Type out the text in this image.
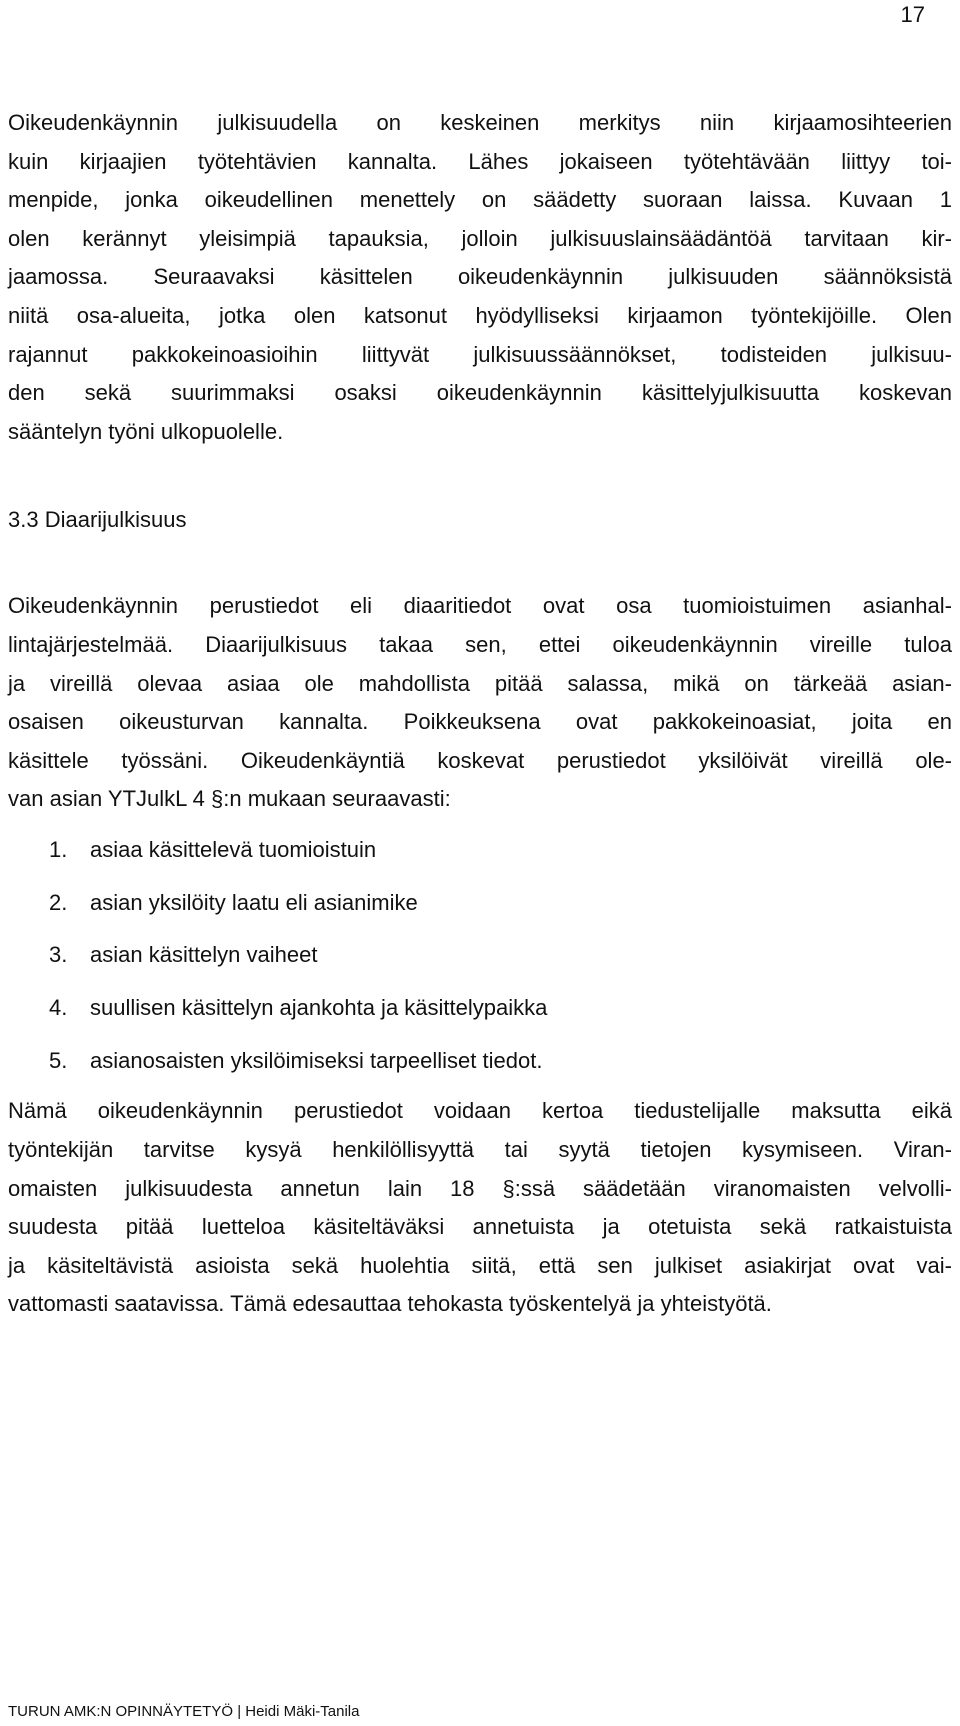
17

Oikeudenkäynnin julkisuudella on keskeinen merkitys niin kirjaamosihteerien
kuin kirjaajien työtehtävien kannalta. Lähes jokaiseen työtehtävään liittyy toi-
menpide, jonka oikeudellinen menettely on säädetty suoraan laissa. Kuvaan 1
olen kerännyt yleisimpiä tapauksia, jolloin julkisuuslainsäädäntöä tarvitaan kir-
jaamossa. Seuraavaksi käsittelen oikeudenkäynnin julkisuuden säännöksistä
niitä osa-alueita, jotka olen katsonut hyödylliseksi kirjaamon työntekijöille. Olen
rajannut pakkokeinoasioihin liittyvät julkisuussäännökset, todisteiden julkisuu-
den sekä suurimmaksi osaksi oikeudenkäynnin käsittelyjulkisuutta koskevan
sääntelyn työni ulkopuolelle.

3.3 Diaarijulkisuus

Oikeudenkäynnin perustiedot eli diaaritiedot ovat osa tuomioistuimen asianhal-
lintajärjestelmää. Diaarijulkisuus takaa sen, ettei oikeudenkäynnin vireille tuloa
ja vireillä olevaa asiaa ole mahdollista pitää salassa, mikä on tärkeää asian-
osaisen oikeusturvan kannalta. Poikkeuksena ovat pakkokeinoasiat, joita en
käsittele työssäni. Oikeudenkäyntiä koskevat perustiedot yksilöivät vireillä ole-
van asian YTJulkL 4 §:n mukaan seuraavasti:

1.	asiaa käsittelevä tuomioistuin
2.	asian yksilöity laatu eli asianimike
3.	asian käsittelyn vaiheet
4.	suullisen käsittelyn ajankohta ja käsittelypaikka
5.	asianosaisten yksilöimiseksi tarpeelliset tiedot.

Nämä oikeudenkäynnin perustiedot voidaan kertoa tiedustelijalle maksutta eikä
työntekijän tarvitse kysyä henkilöllisyyttä tai syytä tietojen kysymiseen. Viran-
omaisten julkisuudesta annetun lain 18 §:ssä säädetään viranomaisten velvolli-
suudesta pitää luetteloa käsiteltäväksi annetuista ja otetuista sekä ratkaistuista
ja käsiteltävistä asioista sekä huolehtia siitä, että sen julkiset asiakirjat ovat vai-
vattomasti saatavissa. Tämä edesauttaa tehokasta työskentelyä ja yhteistyötä.

TURUN AMK:N OPINNÄYTETYÖ | Heidi Mäki-Tanila
